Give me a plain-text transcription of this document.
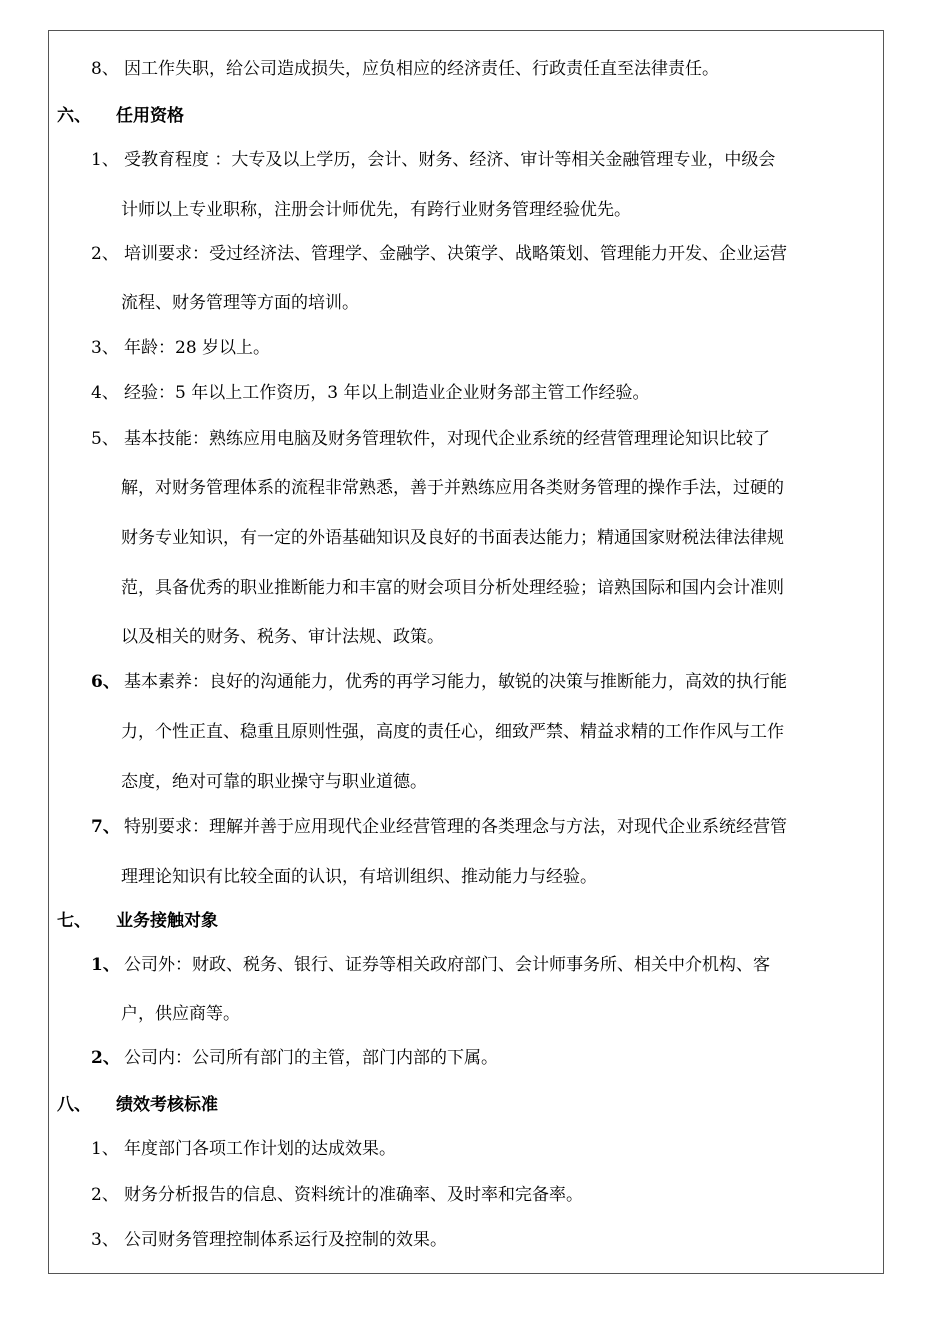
8、 因工作失职，给公司造成损失，应负相应的经济责任、行政责任直至法律责任。
六、 任用资格
1、 受教育程度 ：大专及以上学历，会计、财务、经济、审计等相关金融管理专业，中级会
计师以上专业职称，注册会计师优先，有跨行业财务管理经验优先。
2、 培训要求：受过经济法、管理学、金融学、决策学、战略策划、管理能力开发、企业运营
流程、财务管理等方面的培训。
3、 年龄：28 岁以上。
4、 经验：5 年以上工作资历，3 年以上制造业企业财务部主管工作经验。
5、 基本技能：熟练应用电脑及财务管理软件，对现代企业系统的经营管理理论知识比较了
解，对财务管理体系的流程非常熟悉，善于并熟练应用各类财务管理的操作手法，过硬的
财务专业知识，有一定的外语基础知识及良好的书面表达能力；精通国家财税法律法律规
范，具备优秀的职业推断能力和丰富的财会项目分析处理经验；谙熟国际和国内会计准则
以及相关的财务、税务、审计法规、政策。
6、 基本素养：良好的沟通能力，优秀的再学习能力，敏锐的决策与推断能力，高效的执行能
力，个性正直、稳重且原则性强，高度的责任心，细致严禁、精益求精的工作作风与工作
态度，绝对可靠的职业操守与职业道德。
7、 特别要求：理解并善于应用现代企业经营管理的各类理念与方法，对现代企业系统经营管
理理论知识有比较全面的认识，有培训组织、推动能力与经验。
七、 业务接触对象
1、 公司外：财政、税务、银行、证券等相关政府部门、会计师事务所、相关中介机构、客
户，供应商等。
2、 公司内：公司所有部门的主管，部门内部的下属。
八、 绩效考核标准
1、 年度部门各项工作计划的达成效果。
2、 财务分析报告的信息、资料统计的准确率、及时率和完备率。
3、 公司财务管理控制体系运行及控制的效果。
